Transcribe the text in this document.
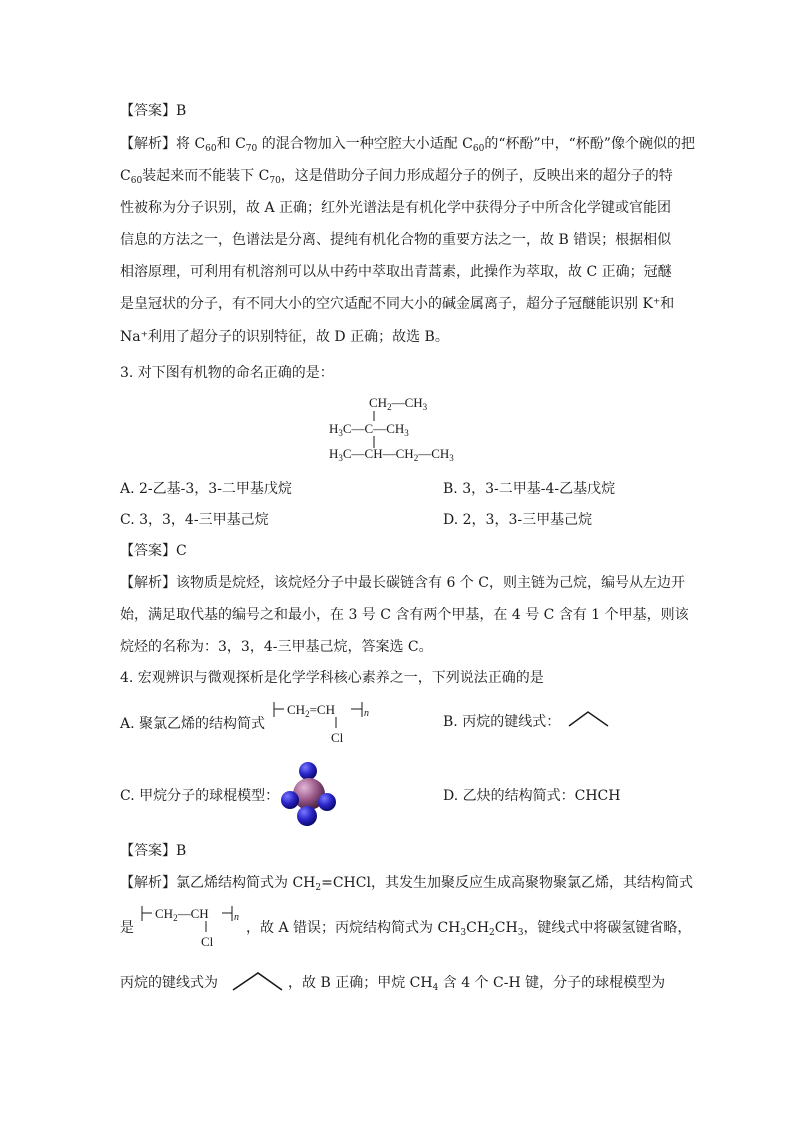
【答案】B
【解析】将 $C_{60}$和 $C_{70}$ 的混合物加入一种空腔大小适配 $C_{60}$的“杯酚”中，“杯酚”像个碗似的把
$C_{60}$装起来而不能装下 $C_{70}$，这是借助分子间力形成超分子的例子，反映出来的超分子的特
性被称为分子识别，故 A 正确；红外光谱法是有机化学中获得分子中所含化学键或官能团
信息的方法之一，色谱法是分离、提纯有机化合物的重要方法之一，故 B 错误；根据相似
相溶原理，可利用有机溶剂可以从中药中萃取出青蒿素，此操作为萃取，故 C 正确；冠醚
是皇冠状的分子，有不同大小的空穴适配不同大小的碱金属离子，超分子冠醚能识别 K⁺和
Na⁺利用了超分子的识别特征，故 D 正确；故选 B。
3. 对下图有机物的命名正确的是：
$CH_2—CH_3$
$H_3C—C—CH_3$
$H_3C—CH—CH_2—CH_3$
A. 2-乙基-3，3-二甲基戊烷	B. 3，3-二甲基-4-乙基戊烷
C. 3，3，4-三甲基己烷	D. 2，3，3-三甲基己烷
【答案】C
【解析】该物质是烷烃，该烷烃分子中最长碳链含有 6 个 C，则主链为己烷，编号从左边开
始，满足取代基的编号之和最小，在 3 号 C 含有两个甲基，在 4 号 C 含有 1 个甲基，则该
烷烃的名称为：3，3，4-三甲基己烷，答案选 C。
4. 宏观辨识与微观探析是化学学科核心素养之一，下列说法正确的是
A. 聚氯乙烯的结构简式
$CH_2=CH$	n
Cl
B. 丙烷的键线式：
C. 甲烷分子的球棍模型：	D. 乙炔的结构简式：CHCH
【答案】B
【解析】氯乙烯结构简式为 $CH_2=CHCl$，其发生加聚反应生成高聚物聚氯乙烯，其结构简式
是
$CH_2—CH$	n
Cl
，故 A 错误；丙烷结构简式为 $CH_3CH_2CH_3$，键线式中将碳氢键省略，
丙烷的键线式为	，故 B 正确；甲烷 $CH_4$ 含 4 个 C-H 键，分子的球棍模型为
